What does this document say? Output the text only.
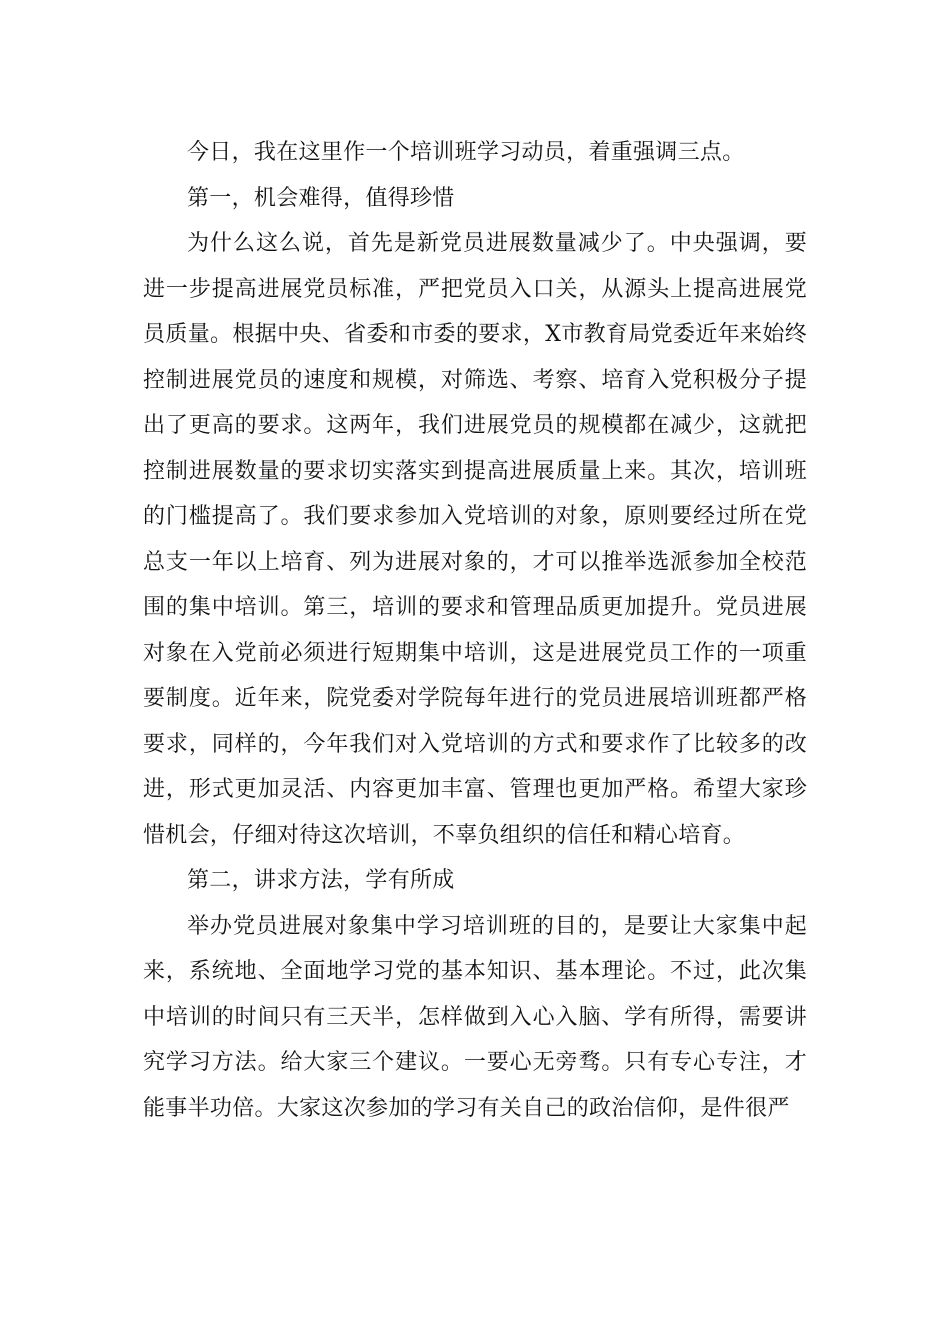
今日，我在这里作一个培训班学习动员，着重强调三点。

第一，机会难得，值得珍惜

为什么这么说，首先是新党员进展数量减少了。中央强调，要进一步提高进展党员标准，严把党员入口关，从源头上提高进展党员质量。根据中央、省委和市委的要求，X市教育局党委近年来始终控制进展党员的速度和规模，对筛选、考察、培育入党积极分子提出了更高的要求。这两年，我们进展党员的规模都在减少，这就把控制进展数量的要求切实落实到提高进展质量上来。其次，培训班的门槛提高了。我们要求参加入党培训的对象，原则要经过所在党总支一年以上培育、列为进展对象的，才可以推举选派参加全校范围的集中培训。第三，培训的要求和管理品质更加提升。党员进展对象在入党前必须进行短期集中培训，这是进展党员工作的一项重要制度。近年来，院党委对学院每年进行的党员进展培训班都严格要求，同样的，今年我们对入党培训的方式和要求作了比较多的改进，形式更加灵活、内容更加丰富、管理也更加严格。希望大家珍惜机会，仔细对待这次培训，不辜负组织的信任和精心培育。

第二，讲求方法，学有所成

举办党员进展对象集中学习培训班的目的，是要让大家集中起来，系统地、全面地学习党的基本知识、基本理论。不过，此次集中培训的时间只有三天半，怎样做到入心入脑、学有所得，需要讲究学习方法。给大家三个建议。一要心无旁骛。只有专心专注，才能事半功倍。大家这次参加的学习有关自己的政治信仰，是件很严
